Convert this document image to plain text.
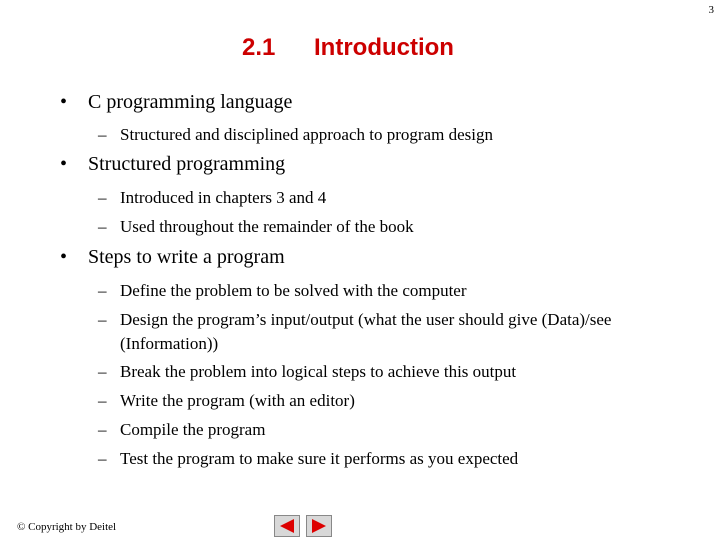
3
2.1 Introduction
• C programming language
– Structured and disciplined approach to program design
• Structured programming
– Introduced in chapters 3 and 4
– Used throughout the remainder of the book
• Steps to write a program
– Define the problem to be solved with the computer
– Design the program’s input/output (what the user should give (Data)/see (Information))
– Break the problem into logical steps to achieve this output
– Write the program (with an editor)
– Compile the program
– Test the program to make sure it performs as you expected
© Copyright by Deitel
